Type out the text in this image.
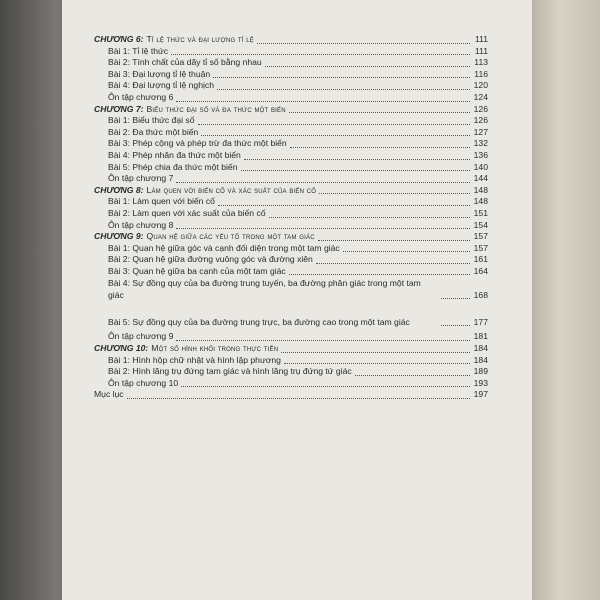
CHƯƠNG 6: Tỉ lệ thức và đại lượng tỉ lệ	111
Bài 1: Tỉ lệ thức	111
Bài 2: Tính chất của dãy tỉ số bằng nhau	113
Bài 3: Đại lượng tỉ lệ thuận	116
Bài 4: Đại lượng tỉ lệ nghịch	120
Ôn tập chương 6	124
CHƯƠNG 7: Biểu thức đại số và đa thức một biến	126
Bài 1: Biểu thức đại số	126
Bài 2: Đa thức một biến	127
Bài 3: Phép cộng và phép trừ đa thức một biến	132
Bài 4: Phép nhân đa thức một biến	136
Bài 5: Phép chia đa thức một biến	140
Ôn tập chương 7	144
CHƯƠNG 8: Làm quen với biến cố và xác suất của biến cố	148
Bài 1: Làm quen với biến cố	148
Bài 2: Làm quen với xác suất của biến cố	151
Ôn tập chương 8	154
CHƯƠNG 9: Quan hệ giữa các yếu tố trong một tam giác	157
Bài 1: Quan hệ giữa góc và cạnh đối diện trong một tam giác	157
Bài 2: Quan hệ giữa đường vuông góc và đường xiên	161
Bài 3: Quan hệ giữa ba cạnh của một tam giác	164
Bài 4: Sự đồng quy của ba đường trung tuyến, ba đường phân giác trong một tam giác	168
Bài 5: Sự đồng quy của ba đường trung trực, ba đường cao trong một tam giác	177
Ôn tập chương 9	181
CHƯƠNG 10: Một số hình khối trong thực tiễn	184
Bài 1: Hình hộp chữ nhật và hình lập phương	184
Bài 2: Hình lăng trụ đứng tam giác và hình lăng trụ đứng tứ giác	189
Ôn tập chương 10	193
Mục lục	197
